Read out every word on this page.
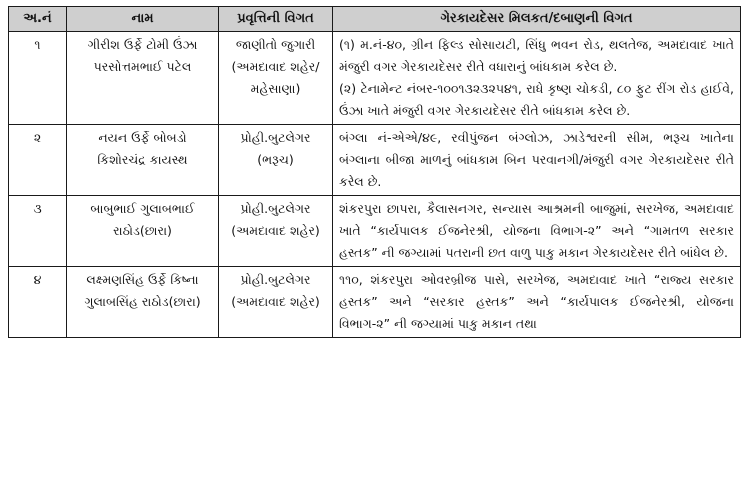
અ.નં	નામ	પ્રવૃત્તિની વિગત	ગેરકાયદેસર મિલકત/દબાણની વિગત
૧	ગીરીશ ઉર્ફે ટોમી ઉંઝા પરસોત્તમભાઈ પટેલ	જાણીતો જુગારી (અમદાવાદ શહેર/મહેસાણા)	(૧) મ.નં-૪૦, ગ્રીન ફિલ્ડ સોસાયટી, સિંધુ ભવન રોડ, થલતેજ, અમદાવાદ ખાતે મંજુરી વગર ગેરકાયદેસર રીતે વધારાનું બાંધકામ કરેલ છે.

(૨) ટેનામેન્ટ નંબર-૧૦૦૧૩૨૩૨૫૪૧, રાધે કૃષ્ણ ચોકડી, ૮૦ ફુટ રીંગ રોડ હાઈવે, ઉંઝા ખાતે મંજુરી વગર ગેરકાયદેસર રીતે બાંધકામ કરેલ છે.

૨	નયન ઉર્ફે બોબડો કિશોરચંદ્ર કાયસ્થ	પ્રોહી.બુટલેગર (ભરૂચ)	બંગ્લા નં-એએ/૪૯, રવીપુંજન બંગ્લોઝ, ઝાડેશ્વરની સીમ, ભરૂચ ખાતેના બંગ્લાના બીજા માળનું બાંધકામ બિન પરવાનગી/મંજુરી વગર ગેરકાયદેસર રીતે કરેલ છે.

૩	બાબુભાઈ ગુલાબભાઈ રાઠોડ(છારા)	પ્રોહી.બુટલેગર (અમદાવાદ શહેર)	શંકરપુરા છાપરા, કૈલાસનગર, સન્યાસ આશ્રમની બાજુમાં, સરખેજ, અમદાવાદ ખાતે “કાર્યપાલક ઈજનેરશ્રી, યોજના વિભાગ-૨” અને “ગામતળ સરકાર હસ્તક” ની જગ્યામાં પતરાની છત વાળુ પાકુ મકાન ગેરકાયદેસર રીતે બાંધેલ છે.

૪	લક્ષ્મણસિંહ ઉર્ફે કિષ્ના ગુલાબસિંહ રાઠોડ(છારા)	પ્રોહી.બુટલેગર (અમદાવાદ શહેર)	૧૧૦, શંકરપુરા ઓવરબ્રીજ પાસે, સરખેજ, અમદાવાદ ખાતે “રાજ્ય સરકાર હસ્તક” અને “સરકાર હસ્તક” અને “કાર્યપાલક ઈજનેરશ્રી, યોજના વિભાગ-૨” ની જગ્યામાં પાકુ મકાન તથા
